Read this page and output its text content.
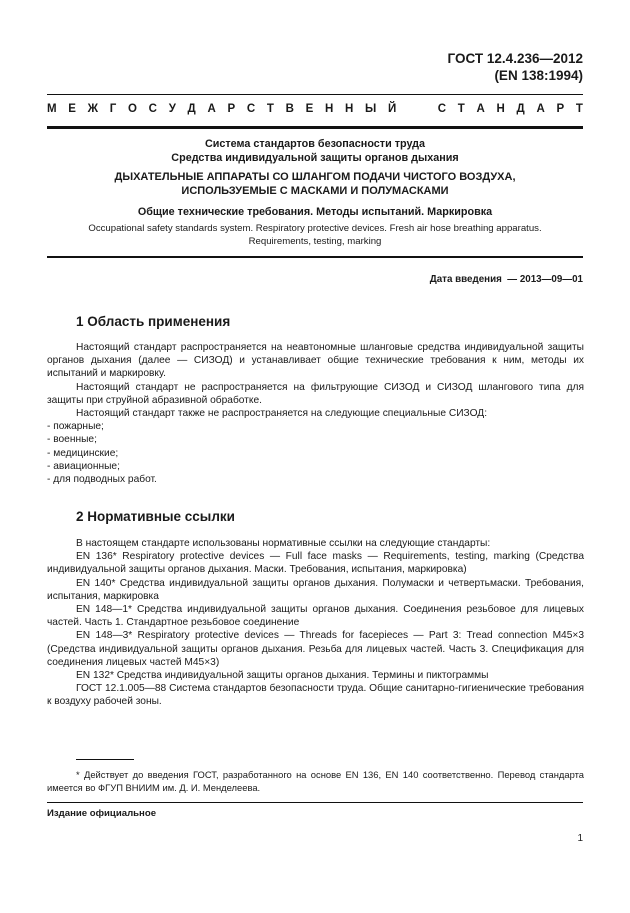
ГОСТ 12.4.236—2012
(EN 138:1994)
М Е Ж Г О С У Д А Р С Т В Е Н Н Ы Й

	С Т А Н Д А Р Т
Система стандартов безопасности труда
Средства индивидуальной защиты органов дыхания
ДЫХАТЕЛЬНЫЕ АППАРАТЫ СО ШЛАНГОМ ПОДАЧИ ЧИСТОГО ВОЗДУХА,
ИСПОЛЬЗУЕМЫЕ С МАСКАМИ И ПОЛУМАСКАМИ
Общие технические требования. Методы испытаний. Маркировка
Occupational safety standards system. Respiratory protective devices. Fresh air hose breathing apparatus.
Requirements, testing, marking
Дата введения — 2013—09—01
1 Область применения

Настоящий стандарт распространяется на неавтономные шланговые средства индивидуальной защиты органов дыхания (далее — СИЗОД) и устанавливает общие технические требования к ним, методы их испытаний и маркировку.

Настоящий стандарт не распространяется на фильтрующие СИЗОД и СИЗОД шлангового типа для защиты при струйной абразивной обработке.

Настоящий стандарт также не распространяется на следующие специальные СИЗОД:

- пожарные;

- военные;

- медицинские;

- авиационные;

- для подводных работ.

2 Нормативные ссылки

В настоящем стандарте использованы нормативные ссылки на следующие стандарты:

EN 136* Respiratory protective devices — Full face masks — Requirements, testing, marking (Средства индивидуальной защиты органов дыхания. Маски. Требования, испытания, маркировка)

EN 140* Средства индивидуальной защиты органов дыхания. Полумаски и четвертьмаски. Требования, испытания, маркировка

EN 148—1* Средства индивидуальной защиты органов дыхания. Соединения резьбовое для лицевых частей. Часть 1. Стандартное резьбовое соединение

EN 148—3* Respiratory protective devices — Threads for facepieces — Part 3: Tread connection M45×3 (Средства индивидуальной защиты органов дыхания. Резьба для лицевых частей. Часть 3. Спецификация для соединения лицевых частей M45×3)

EN 132* Средства индивидуальной защиты органов дыхания. Термины и пиктограммы

ГОСТ 12.1.005—88 Система стандартов безопасности труда. Общие санитарно-гигиенические требования к воздуху рабочей зоны.

* Действует до введения ГОСТ, разработанного на основе EN 136, EN 140 соответственно. Перевод стандарта имеется во ФГУП ВНИИМ им. Д. И. Менделеева.

Издание официальное
1
